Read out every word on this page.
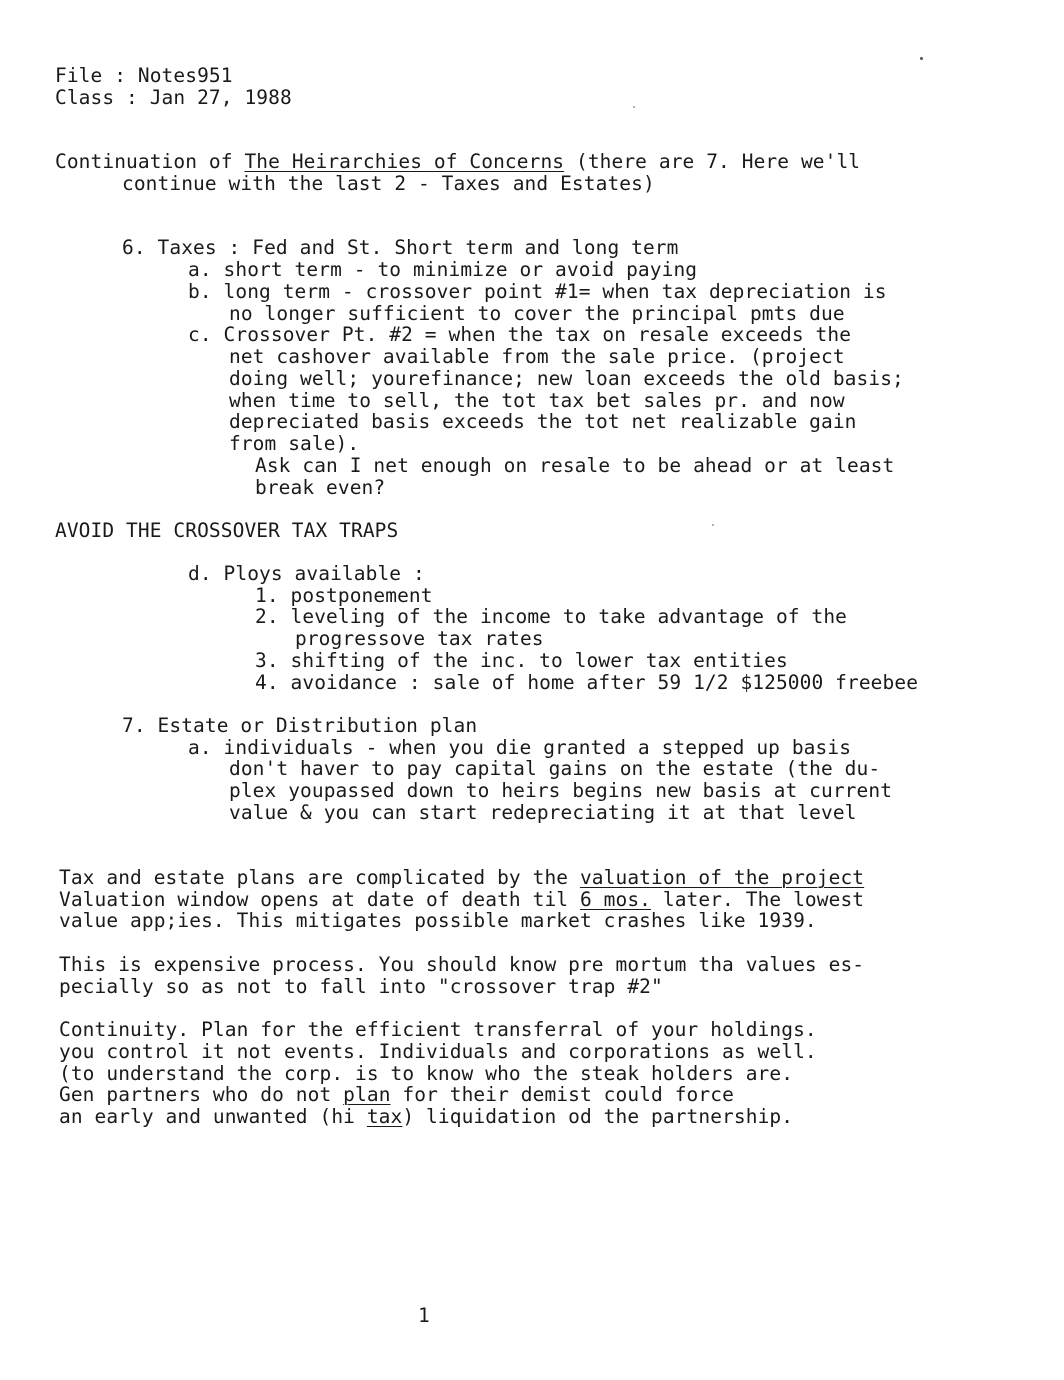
File : Notes951
Class : Jan 27, 1988
Continuation of The Heirarchies of Concerns (there are 7. Here we'll
continue with the last 2 - Taxes and Estates)
6. Taxes : Fed and St. Short term and long term
a. short term - to minimize or avoid paying
b. long term - crossover point #1= when tax depreciation is
no longer sufficient to cover the principal pmts due
c. Crossover Pt. #2 = when the tax on resale exceeds the
net cashover available from the sale price. (project
doing well; yourefinance; new loan exceeds the old basis;
when time to sell, the tot tax bet sales pr. and now
depreciated basis exceeds the tot net realizable gain
from sale).
Ask can I net enough on resale to be ahead or at least
break even?
AVOID THE CROSSOVER TAX TRAPS
d. Ploys available :
1. postponement
2. leveling of the income to take advantage of the
progressove tax rates
3. shifting of the inc. to lower tax entities
4. avoidance : sale of home after 59 1/2 $125000 freebee
7. Estate or Distribution plan
a. individuals - when you die granted a stepped up basis
don't haver to pay capital gains on the estate (the du-
plex youpassed down to heirs begins new basis at current
value & you can start redepreciating it at that level
Tax and estate plans are complicated by the valuation of the project
Valuation window opens at date of death til 6 mos. later. The lowest
value app;ies. This mitigates possible market crashes like 1939.
This is expensive process. You should know pre mortum tha values es-
pecially so as not to fall into "crossover trap #2"
Continuity. Plan for the efficient transferral of your holdings.
you control it not events. Individuals and corporations as well.
(to understand the corp. is to know who the steak holders are.
Gen partners who do not plan for their demist could force
an early and unwanted (hi tax) liquidation od the partnership.
1
